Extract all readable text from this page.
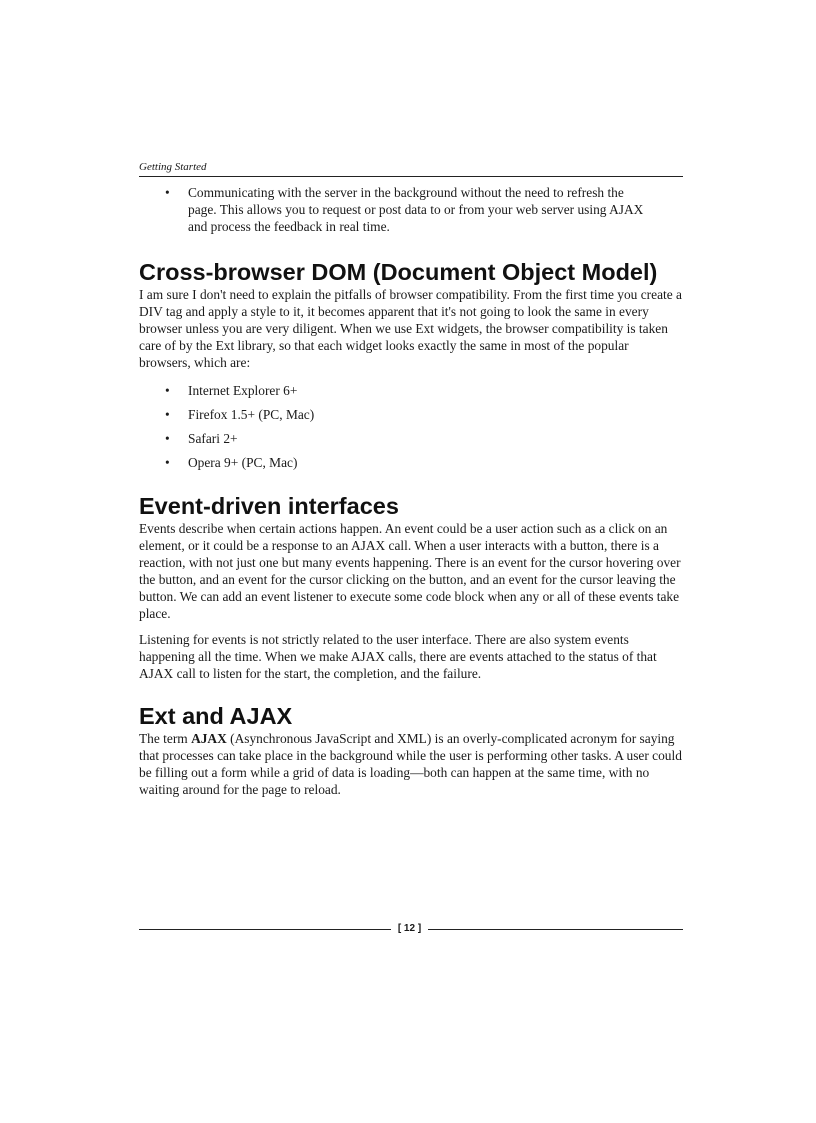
Getting Started
• Communicating with the server in the background without the need to refresh the page. This allows you to request or post data to or from your web server using AJAX and process the feedback in real time.
Cross-browser DOM (Document Object Model)

I am sure I don't need to explain the pitfalls of browser compatibility. From the first time you create a DIV tag and apply a style to it, it becomes apparent that it's not going to look the same in every browser unless you are very diligent. When we use Ext widgets, the browser compatibility is taken care of by the Ext library, so that each widget looks exactly the same in most of the popular browsers, which are:

• Internet Explorer 6+
• Firefox 1.5+ (PC, Mac)
• Safari 2+
• Opera 9+ (PC, Mac)
Event-driven interfaces

Events describe when certain actions happen. An event could be a user action such as a click on an element, or it could be a response to an AJAX call. When a user interacts with a button, there is a reaction, with not just one but many events happening. There is an event for the cursor hovering over the button, and an event for the cursor clicking on the button, and an event for the cursor leaving the button. We can add an event listener to execute some code block when any or all of these events take place.

Listening for events is not strictly related to the user interface. There are also system events happening all the time. When we make AJAX calls, there are events attached to the status of that AJAX call to listen for the start, the completion, and the failure.

Ext and AJAX

The term AJAX (Asynchronous JavaScript and XML) is an overly-complicated acronym for saying that processes can take place in the background while the user is performing other tasks. A user could be filling out a form while a grid of data is loading—both can happen at the same time, with no waiting around for the page to reload.

[ 12 ]
